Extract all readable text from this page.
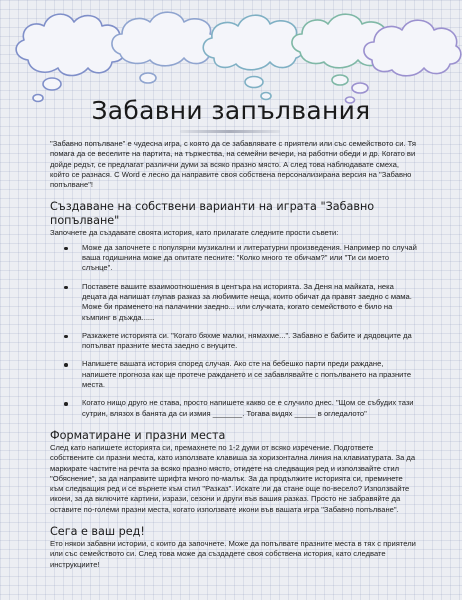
Забавни запълвания

"Забавно попълване" е чудесна игра, с която да се забавлявате с приятели или със семейството си. Тя помага да се веселите на партита, на тържества, на семейни вечери, на работни обеди и др. Когато ви дойде редът, се предлагат различни думи за всяко празно място. А след това наблюдавате смеха, който се разнася. С Word е лесно да направите своя собствена персонализирана версия на "Забавно попълване"!

Създаване на собствени варианти на играта "Забавно попълване"

Започнете да създавате своята история, като прилагате следните прости съвети:

Може да започнете с популярни музикални и литературни произведения. Например по случай ваша годишнина може да опитате песните: "Колко много те обичам?" или "Ти си моето слънце".
Поставете вашите взаимоотношения в центъра на историята. За Деня на майката, нека децата да напишат глупав разказ за любимите неща, които обичат да правят заедно с мама. Може би праменето на палачинки заедно... или случката, когато семейството е било на къмпинг в дъжда......
Разкажете историята си. "Когато бяхме малки, нямахме...". Забавно е бабите и дядовците да попълват празните места заедно с внуците.
Напишете вашата история според случая. Ако сте на бебешко парти преди раждане, напишете прогноза как ще протече раждането и се забавлявайте с попълването на празните места.
Когато нищо друго не става, просто напишете какво се е случило днес. "Щом се събудих тази сутрин, влязох в банята да си измия _______. Тогава видях _____ в огледалото"
Форматиране и празни места

След като напишете историята си, премахнете по 1-2 думи от всяко изречение. Подгответе собствените си празни места, като използвате клавиша за хоризонтална линия на клавиатурата. За да маркирате частите на речта за всяко празно място, отидете на следващия ред и използвайте стил "Обяснение", за да направите шрифта много по-малък. За да продължите историята си, преминете към следващия ред и се върнете към стил "Разказ". Искате ли да стане още по-весело? Използвайте икони, за да включите картини, изрази, сезони и други във вашия разказ. Просто не забравяйте да оставите по-големи празни места, когато използвате икони във вашата игра "Забавно попълване".

Сега е ваш ред!

Ето някои забавни истории, с които да започнете. Може да попълвате празните места в тях с приятели или със семейството си. След това може да създадете своя собствена история, като следвате инструкциите!
